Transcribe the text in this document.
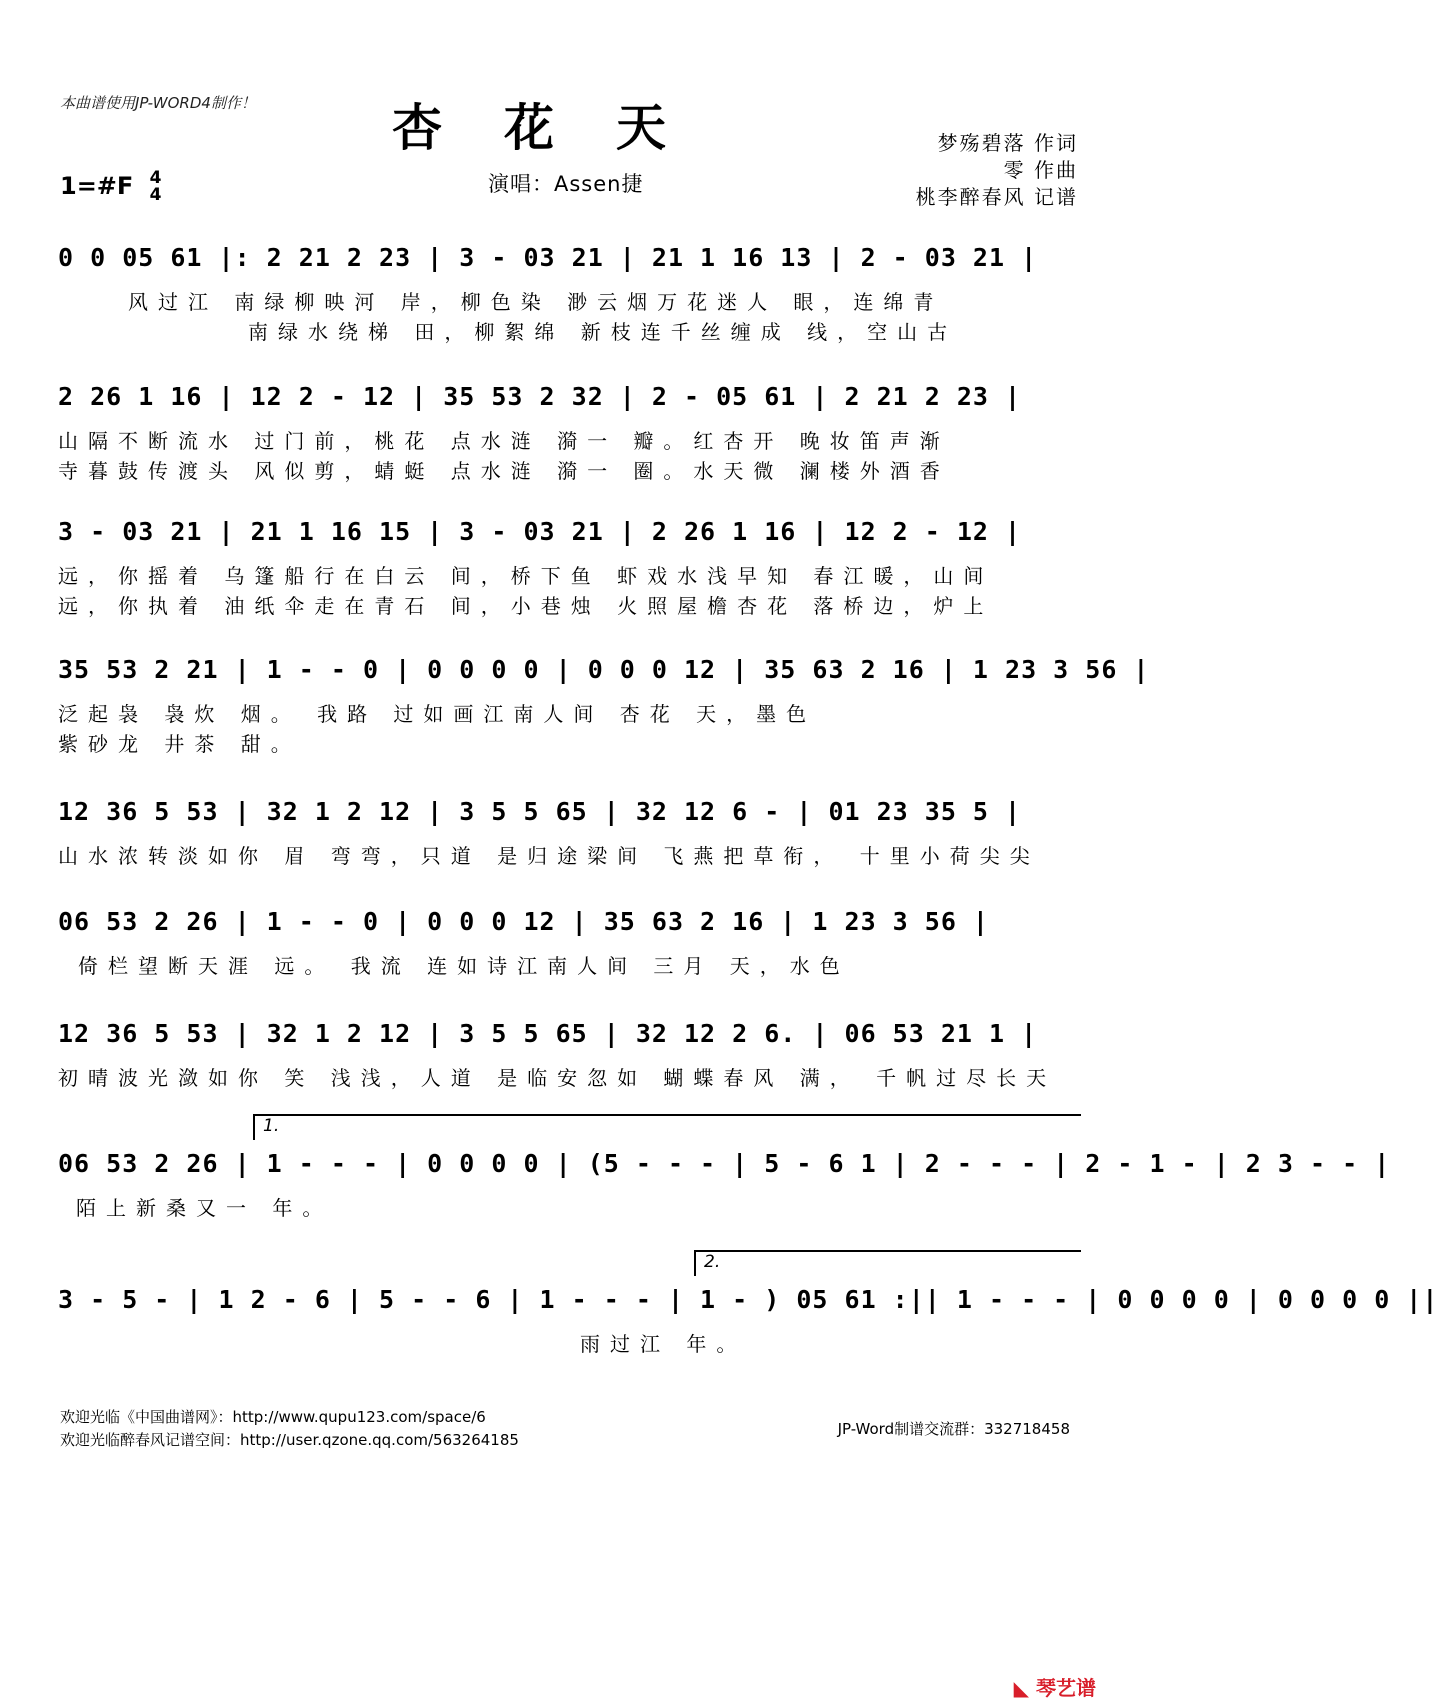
本曲谱使用JP-WORD4制作！	杏花天	梦殇碧落 作词
零 作曲
桃李醉春风 记谱
1=#F 4
4	演唱：Assen捷
0 0 05 61 |: 2 21 2 23 | 3 - 03 21 | 21 1 16 13 | 2 - 03 21 |
风过江 南绿柳映河 岸，柳色染 渺云烟万花迷人 眼，连绵青
南绿水绕梯 田，柳絮绵 新枝连千丝缠成 线，空山古
2 26 1 16 | 12 2 - 12 | 35 53 2 32 | 2 - 05 61 | 2 21 2 23 |
山隔不断流水 过门前，桃花 点水涟 漪一 瓣。红杏开 晚妆笛声渐
寺暮鼓传渡头 风似剪，蜻蜓 点水涟 漪一 圈。水天微 澜楼外酒香
3 - 03 21 | 21 1 16 15 | 3 - 03 21 | 2 26 1 16 | 12 2 - 12 |
远，你摇着 乌篷船行在白云 间，桥下鱼 虾戏水浅早知 春江暖，山间
远，你执着 油纸伞走在青石 间，小巷烛 火照屋檐杏花 落桥边，炉上
35 53 2 21 | 1 - - 0 | 0 0 0 0 | 0 0 0 12 | 35 63 2 16 | 1 23 3 56 |
泛起袅 袅炊 烟。 我路 过如画江南人间 杏花 天，墨色
紫砂龙 井茶 甜。
12 36 5 53 | 32 1 2 12 | 3 5 5 65 | 32 12 6 - | 01 23 35 5 |
山水浓转淡如你 眉 弯弯，只道 是归途梁间 飞燕把草衔， 十里小荷尖尖
06 53 2 26 | 1 - - 0 | 0 0 0 12 | 35 63 2 16 | 1 23 3 56 |
倚栏望断天涯 远。 我流 连如诗江南人间 三月 天，水色
12 36 5 53 | 32 1 2 12 | 3 5 5 65 | 32 12 2 6. | 06 53 21 1 |
初晴波光潋如你 笑 浅浅，人道 是临安忽如 蝴蝶春风 满， 千帆过尽长天
1.
06 53 2 26 | 1 - - - | 0 0 0 0 | (5 - - - | 5 - 6 1 | 2 - - - | 2 - 1 - | 2 3 - - |
陌上新桑又一 年。
2.
3 - 5 - | 1 2 - 6 | 5 - - 6 | 1 - - - | 1 - ) 05 61 :|| 1 - - - | 0 0 0 0 | 0 0 0 0 ||
雨过江 年。
欢迎光临《中国曲谱网》：http://www.qupu123.com/space/6
欢迎光临醉春风记谱空间：http://user.qzone.qq.com/563264185
JP-Word制谱交流群：332718458
◣ 琴艺谱
